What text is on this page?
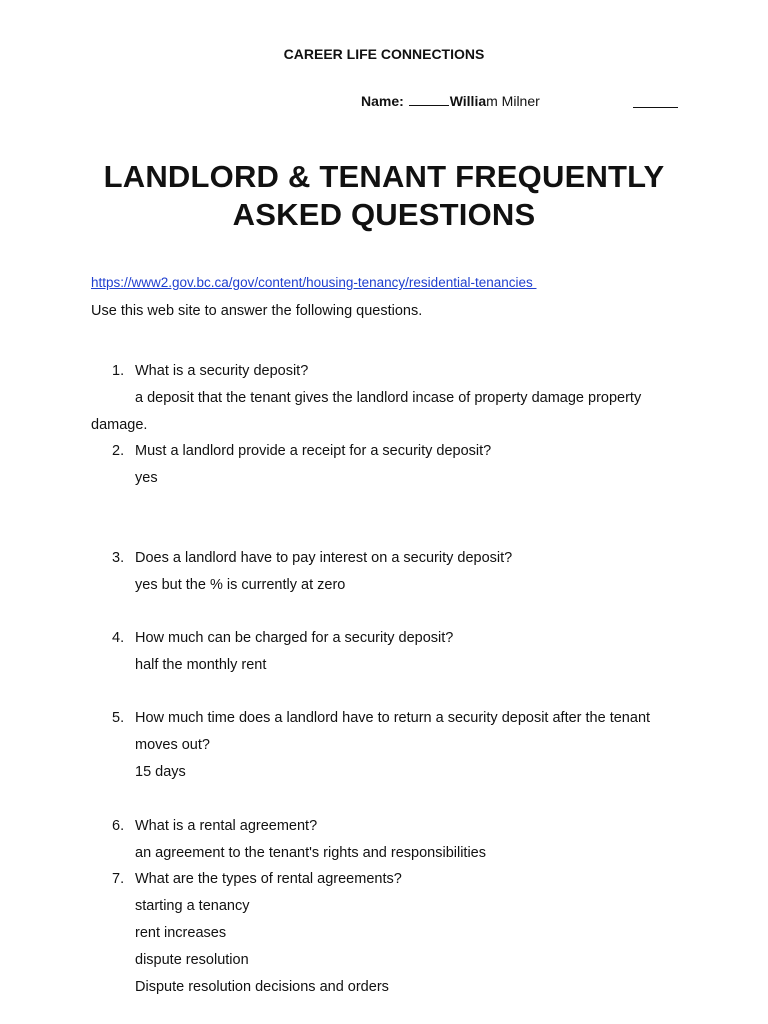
CAREER LIFE CONNECTIONS
Name:	William Milner
LANDLORD & TENANT FREQUENTLY
ASKED QUESTIONS
https://www2.gov.bc.ca/gov/content/housing-tenancy/residential-tenancies
Use this web site to answer the following questions.
1. What is a security deposit?
a deposit that the tenant gives the landlord incase of property damage property
damage.
2. Must a landlord provide a receipt for a security deposit?
yes
3. Does a landlord have to pay interest on a security deposit?
yes but the % is currently at zero
4. How much can be charged for a security deposit?
half the monthly rent
5. How much time does a landlord have to return a security deposit after the tenant
moves out?
15 days
6. What is a rental agreement?
an agreement to the tenant's rights and responsibilities
7. What are the types of rental agreements?
starting a tenancy
rent increases
dispute resolution
Dispute resolution decisions and orders
